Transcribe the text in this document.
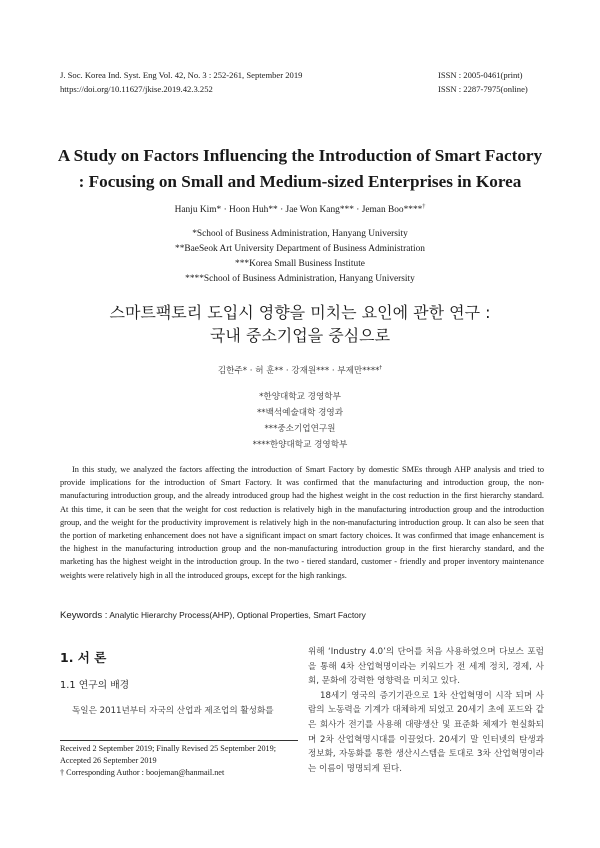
J. Soc. Korea Ind. Syst. Eng Vol. 42, No. 3 : 252-261, September 2019
https://doi.org/10.11627/jkise.2019.42.3.252
ISSN : 2005-0461(print)
ISSN : 2287-7975(online)
A Study on Factors Influencing the Introduction of Smart Factory
: Focusing on Small and Medium-sized Enterprises in Korea
Hanju Kim* · Hoon Huh** · Jae Won Kang*** · Jeman Boo****†
*School of Business Administration, Hanyang University
**BaeSeok Art University Department of Business Administration
***Korea Small Business Institute
****School of Business Administration, Hanyang University
스마트팩토리 도입시 영향을 미치는 요인에 관한 연구 :
국내 중소기업을 중심으로
김한주* · 허 훈** · 강재원*** · 부제만****†
*한양대학교 경영학부
**백석예술대학 경영과
***중소기업연구원
****한양대학교 경영학부
In this study, we analyzed the factors affecting the introduction of Smart Factory by domestic SMEs through AHP analysis and tried to provide implications for the introduction of Smart Factory. It was confirmed that the manufacturing and introduction group, the non-manufacturing introduction group, and the already introduced group had the highest weight in the cost reduction in the first hierarchy standard. At this time, it can be seen that the weight for cost reduction is relatively high in the manufacturing introduction group and the introduction group, and the weight for the productivity improvement is relatively high in the non-manufacturing introduction group. It can also be seen that the portion of marketing enhancement does not have a significant impact on smart factory choices. It was confirmed that image enhancement is the highest in the manufacturing introduction group and the non-manufacturing introduction group in the first hierarchy standard, and the marketing has the highest weight in the introduction group. In the two - tiered standard, customer - friendly and proper inventory maintenance weights were relatively high in all the introduced groups, except for the high rankings.
Keywords : Analytic Hierarchy Process(AHP), Optional Properties, Smart Factory
1. 서 론
1.1 연구의 배경
독일은 2011년부터 자국의 산업과 제조업의 활성화를
Received 2 September 2019; Finally Revised 25 September 2019;
Accepted 26 September 2019
† Corresponding Author : boojeman@hanmail.net

위해 ‘Industry 4.0’의 단어를 처음 사용하였으며 다보스 포럼을 통해 4차 산업혁명이라는 키워드가 전 세계 정치, 경제, 사회, 문화에 강력한 영향력을 미치고 있다.

18세기 영국의 증기기관으로 1차 산업혁명이 시작 되며 사람의 노동력을 기계가 대체하게 되었고 20세기 초에 포드와 같은 회사가 전기를 사용해 대량생산 및 표준화 체제가 현실화되며 2차 산업혁명시대를 이끌었다. 20세기 말 인터넷의 탄생과 정보화, 자동화를 통한 생산시스템을 토대로 3차 산업혁명이라는 이름이 명명되게 된다.
